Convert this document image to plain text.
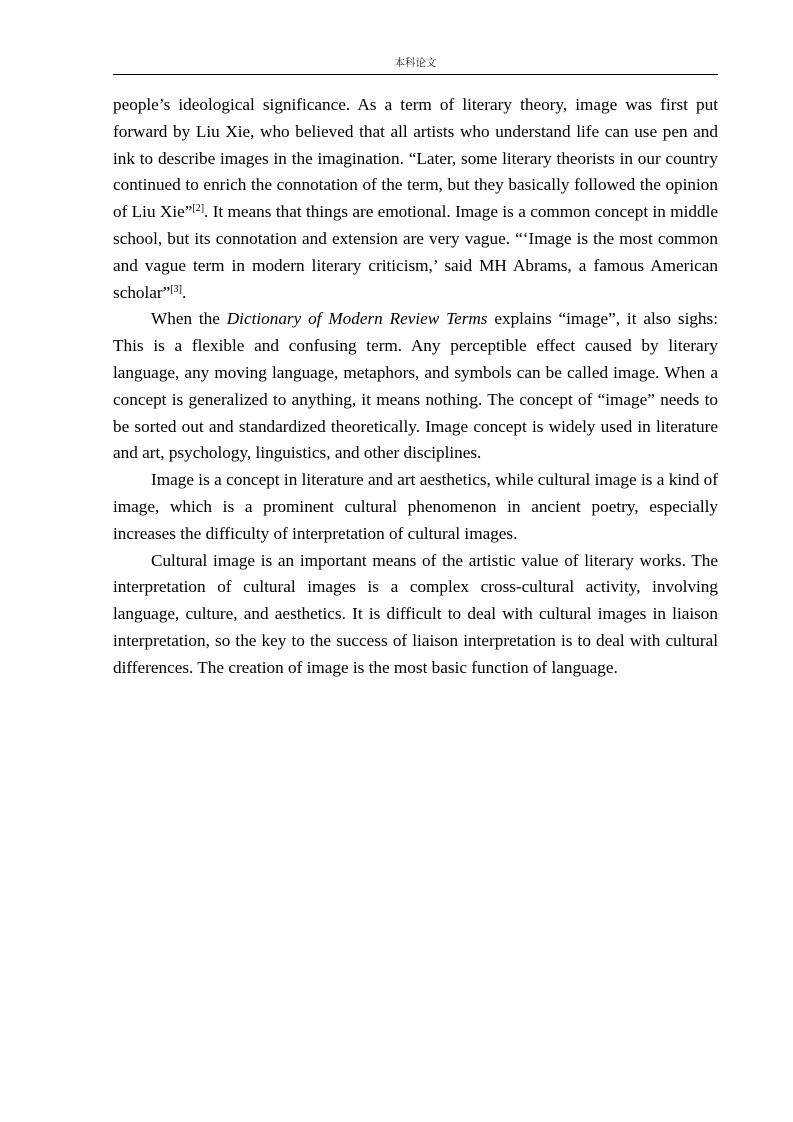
本科论文

people’s ideological significance. As a term of literary theory, image was first put forward by Liu Xie, who believed that all artists who understand life can use pen and ink to describe images in the imagination. “Later, some literary theorists in our country continued to enrich the connotation of the term, but they basically followed the opinion of Liu Xie”[2]. It means that things are emotional. Image is a common concept in middle school, but its connotation and extension are very vague. “‘Image is the most common and vague term in modern literary criticism,’ said MH Abrams, a famous American scholar”[3].

When the Dictionary of Modern Review Terms explains “image”, it also sighs: This is a flexible and confusing term. Any perceptible effect caused by literary language, any moving language, metaphors, and symbols can be called image. When a concept is generalized to anything, it means nothing. The concept of “image” needs to be sorted out and standardized theoretically. Image concept is widely used in literature and art, psychology, linguistics, and other disciplines.

Image is a concept in literature and art aesthetics, while cultural image is a kind of image, which is a prominent cultural phenomenon in ancient poetry, especially increases the difficulty of interpretation of cultural images.

Cultural image is an important means of the artistic value of literary works. The interpretation of cultural images is a complex cross-cultural activity, involving language, culture, and aesthetics. It is difficult to deal with cultural images in liaison interpretation, so the key to the success of liaison interpretation is to deal with cultural differences. The creation of image is the most basic function of language.
